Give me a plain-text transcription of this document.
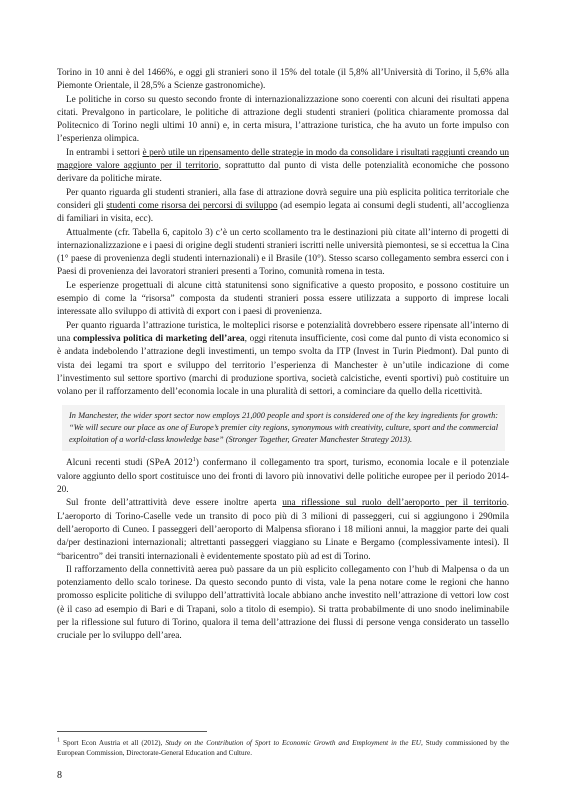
Torino in 10 anni è del 1466%, e oggi gli stranieri sono il 15% del totale (il 5,8% all’Università di Torino, il 5,6% alla Piemonte Orientale, il 28,5% a Scienze gastronomiche).

Le politiche in corso su questo secondo fronte di internazionalizzazione sono coerenti con alcuni dei risultati appena citati. Prevalgono in particolare, le politiche di attrazione degli studenti stranieri (politica chiaramente promossa dal Politecnico di Torino negli ultimi 10 anni) e, in certa misura, l’attrazione turistica, che ha avuto un forte impulso con l’esperienza olimpica.

In entrambi i settori è però utile un ripensamento delle strategie in modo da consolidare i risultati raggiunti creando un maggiore valore aggiunto per il territorio, soprattutto dal punto di vista delle potenzialità economiche che possono derivare da politiche mirate.

Per quanto riguarda gli studenti stranieri, alla fase di attrazione dovrà seguire una più esplicita politica territoriale che consideri gli studenti come risorsa dei percorsi di sviluppo (ad esempio legata ai consumi degli studenti, all’accoglienza di familiari in visita, ecc).

Attualmente (cfr. Tabella 6, capitolo 3) c’è un certo scollamento tra le destinazioni più citate all’interno di progetti di internazionalizzazione e i paesi di origine degli studenti stranieri iscritti nelle università piemontesi, se si eccettua la Cina (1° paese di provenienza degli studenti internazionali) e il Brasile (10°). Stesso scarso collegamento sembra esserci con i Paesi di provenienza dei lavoratori stranieri presenti a Torino, comunità romena in testa.

Le esperienze progettuali di alcune città statunitensi sono significative a questo proposito, e possono costituire un esempio di come la “risorsa” composta da studenti stranieri possa essere utilizzata a supporto di imprese locali interessate allo sviluppo di attività di export con i paesi di provenienza.

Per quanto riguarda l’attrazione turistica, le molteplici risorse e potenzialità dovrebbero essere ripensate all’interno di una complessiva politica di marketing dell’area, oggi ritenuta insufficiente, così come dal punto di vista economico si è andata indebolendo l’attrazione degli investimenti, un tempo svolta da ITP (Invest in Turin Piedmont). Dal punto di vista dei legami tra sport e sviluppo del territorio l’esperienza di Manchester è un’utile indicazione di come l’investimento sul settore sportivo (marchi di produzione sportiva, società calcistiche, eventi sportivi) può costituire un volano per il rafforzamento dell’economia locale in una pluralità di settori, a cominciare da quello della ricettività.

In Manchester, the wider sport sector now employs 21,000 people and sport is considered one of the key ingredients for growth: “We will secure our place as one of Europe’s premier city regions, synonymous with creativity, culture, sport and the commercial exploitation of a world-class knowledge base” (Stronger Together, Greater Manchester Strategy 2013).

Alcuni recenti studi (SPeA 2012$^1$) confermano il collegamento tra sport, turismo, economia locale e il potenziale valore aggiunto dello sport costituisce uno dei fronti di lavoro più innovativi delle politiche europee per il periodo 2014-20.

Sul fronte dell’attrattività deve essere inoltre aperta una riflessione sul ruolo dell’aeroporto per il territorio. L’aeroporto di Torino-Caselle vede un transito di poco più di 3 milioni di passeggeri, cui si aggiungono i 290mila dell’aeroporto di Cuneo. I passeggeri dell’aeroporto di Malpensa sfiorano i 18 milioni annui, la maggior parte dei quali da/per destinazioni internazionali; altrettanti passeggeri viaggiano su Linate e Bergamo (complessivamente intesi). Il “baricentro” dei transiti internazionali è evidentemente spostato più ad est di Torino.

Il rafforzamento della connettività aerea può passare da un più esplicito collegamento con l’hub di Malpensa o da un potenziamento dello scalo torinese. Da questo secondo punto di vista, vale la pena notare come le regioni che hanno promosso esplicite politiche di sviluppo dell’attrattività locale abbiano anche investito nell’attrazione di vettori low cost (è il caso ad esempio di Bari e di Trapani, solo a titolo di esempio). Si tratta probabilmente di uno snodo ineliminabile per la riflessione sul futuro di Torino, qualora il tema dell’attrazione dei flussi di persone venga considerato un tassello cruciale per lo sviluppo dell’area.

$^1$ Sport Econ Austria et all (2012), Study on the Contribution of Sport to Economic Growth and Employment in the EU, Study commissioned by the European Commission, Directorate-General Education and Culture.
8
